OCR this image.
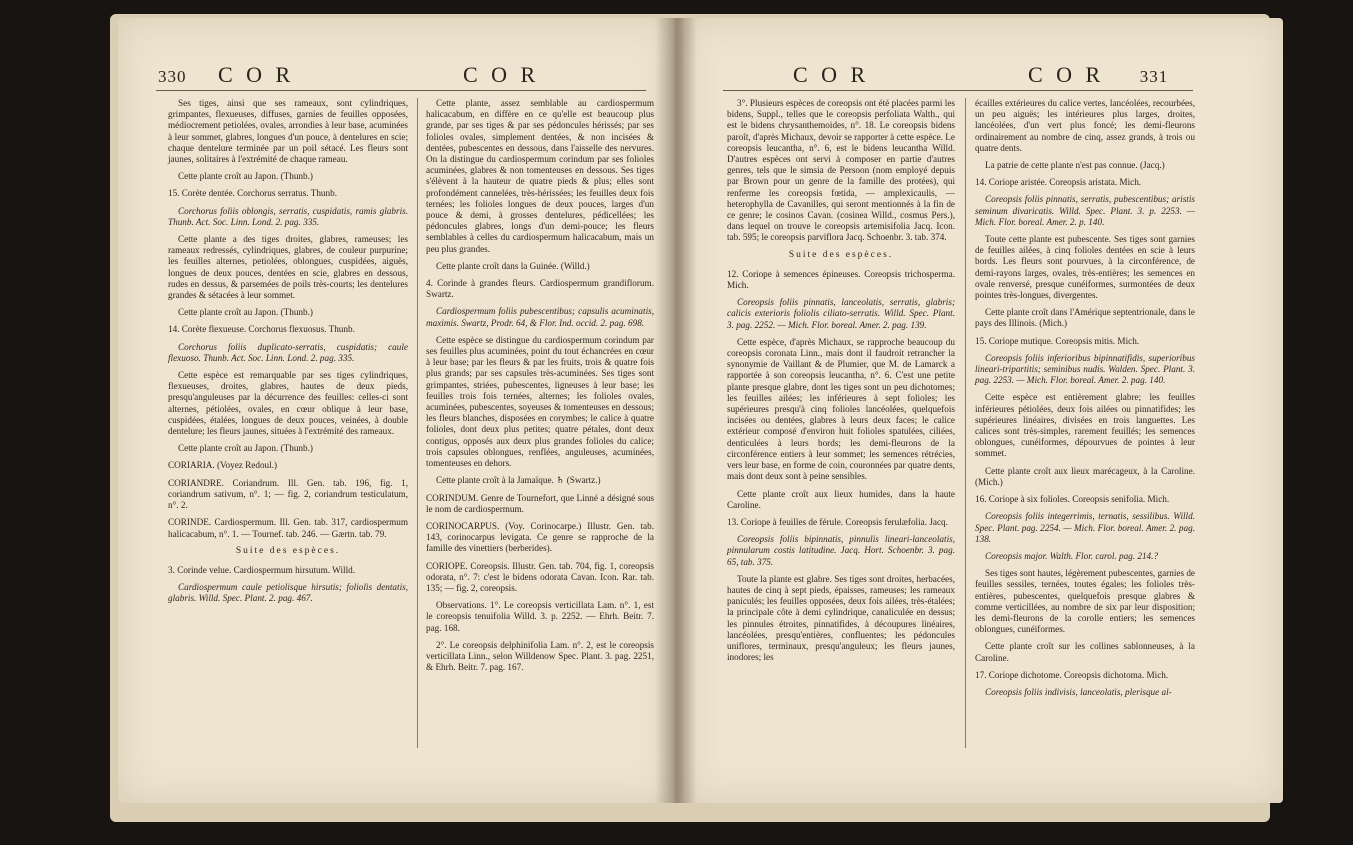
330 C O R	C O R

Ses tiges, ainsi que ses rameaux, sont cylindriques, grimpantes, flexueuses, diffuses, garnies de feuilles opposées, médiocrement petiolées, ovales, arrondies à leur base, acuminées à leur sommet, glabres, longues d'un pouce, à dentelures en scie; chaque dentelure terminée par un poil sétacé. Les fleurs sont jaunes, solitaires à l'extrémité de chaque rameau.

Cette plante croît au Japon. (Thunb.)

15. Corète dentée. Corchorus serratus. Thunb.

Corchorus foliis oblongis, serratis, cuspidatis, ramis glabris. Thunb. Act. Soc. Linn. Lond. 2. pag. 335.

Cette plante a des tiges droites, glabres, rameuses; les rameaux redressés, cylindriques, glabres, de couleur purpurine; les feuilles alternes, petiolées, oblongues, cuspidées, aiguës, longues de deux pouces, dentées en scie, glabres en dessous, rudes en dessus, & parsemées de poils très-courts; les dentelures grandes & sétacées à leur sommet.

Cette plante croît au Japon. (Thunb.)

14. Corète flexueuse. Corchorus flexuosus. Thunb.

Corchorus foliis duplicato-serratis, cuspidatis; caule flexuoso. Thunb. Act. Soc. Linn. Lond. 2. pag. 335.

Cette espèce est remarquable par ses tiges cylindriques, flexueuses, droites, glabres, hautes de deux pieds, presqu'anguleuses par la décurrence des feuilles: celles-ci sont alternes, pétiolées, ovales, en cœur oblique à leur base, cuspidées, étalées, longues de deux pouces, veinées, à double dentelure; les fleurs jaunes, situées à l'extrémité des rameaux.

Cette plante croît au Japon. (Thunb.)

CORIARIA. (Voyez Redoul.)

CORIANDRE. Coriandrum. Ill. Gen. tab. 196, fig. 1, coriandrum sativum, n°. 1; — fig. 2, coriandrum testiculatum, n°. 2.

CORINDE. Cardiospermum. Ill. Gen. tab. 317, cardiospermum halicacabum, n°. 1. — Tournef. tab. 246. — Gærtn. tab. 79.

Suite des espèces.

3. Corinde velue. Cardiospermum hirsutum. Willd.

Cardiospermum caule petiolisque hirsutis; foliolis dentatis, glabris. Willd. Spec. Plant. 2. pag. 467.

Cette plante, assez semblable au cardiospermum halicacabum, en diffère en ce qu'elle est beaucoup plus grande, par ses tiges & par ses pédoncules hérissés; par ses folioles ovales, simplement dentées, & non incisées & dentées, pubescentes en dessous, dans l'aisselle des nervures. On la distingue du cardiospermum corindum par ses folioles acuminées, glabres & non tomenteuses en dessous. Ses tiges s'élèvent à la hauteur de quatre pieds & plus; elles sont profondément cannelées, très-hérissées; les feuilles deux fois ternées; les folioles longues de deux pouces, larges d'un pouce & demi, à grosses dentelures, pédicellées; les pédoncules glabres, longs d'un demi-pouce; les fleurs semblables à celles du cardiospermum halicacabum, mais un peu plus grandes.

Cette plante croît dans la Guinée. (Willd.)

4. Corinde à grandes fleurs. Cardiospermum grandiflorum. Swartz.

Cardiospermum foliis pubescentibus; capsulis acuminatis, maximis. Swartz, Prodr. 64, & Flor. Ind. occid. 2. pag. 698.

Cette espèce se distingue du cardiospermum corindum par ses feuilles plus acuminées, point du tout échancrées en cœur à leur base; par les fleurs & par les fruits, trois & quatre fois plus grands; par ses capsules très-acuminées. Ses tiges sont grimpantes, striées, pubescentes, ligneuses à leur base; les feuilles trois fois ternées, alternes; les folioles ovales, acuminées, pubescentes, soyeuses & tomenteuses en dessous; les fleurs blanches, disposées en corymbes; le calice à quatre folioles, dont deux plus petites; quatre pétales, dont deux contigus, opposés aux deux plus grandes folioles du calice; trois capsules oblongues, renflées, anguleuses, acuminées, tomenteuses en dehors.

Cette plante croît à la Jamaïque. ♄ (Swartz.)

CORINDUM. Genre de Tournefort, que Linné a désigné sous le nom de cardiospermum.

CORINOCARPUS. (Voy. Corinocarpe.) Illustr. Gen. tab. 143, corinocarpus levigata. Ce genre se rapproche de la famille des vinettiers (berberides).

CORIOPE. Coreopsis. Illustr. Gen. tab. 704, fig. 1, coreopsis odorata, n°. 7: c'est le bidens odorata Cavan. Icon. Rar. tab. 135; — fig. 2, coreopsis.

Observations. 1°. Le coreopsis verticillata Lam. n°. 1, est le coreopsis tenuifolia Willd. 3. p. 2252. — Ehrh. Beitr. 7. pag. 168.

2°. Le coreopsis delphinifolia Lam. n°. 2, est le coreopsis verticillata Linn., selon Willdenow Spec. Plant. 3. pag. 2251, & Ehrh. Beitr. 7. pag. 167.

C O R	C O R 331

3°. Plusieurs espèces de coreopsis ont été placées parmi les bidens, Suppl., telles que le coreopsis perfoliata Walth., qui est le bidens chrysanthemoides, n°. 18. Le coreopsis bidens paroît, d'après Michaux, devoir se rapporter à cette espèce. Le coreopsis leucantha, n°. 6, est le bidens leucantha Willd. D'autres espèces ont servi à composer en partie d'autres genres, tels que le simsia de Persoon (nom employé depuis par Brown pour un genre de la famille des protées), qui renferme les coreopsis fœtida, — amplexicaulis, — heterophylla de Cavanilles, qui seront mentionnés à la fin de ce genre; le cosinos Cavan. (cosinea Willd., cosmus Pers.), dans lequel on trouve le coreopsis artemisifolia Jacq. Icon. tab. 595; le coreopsis parviflora Jacq. Schoenbr. 3. tab. 374.

Suite des espèces.

12. Coriope à semences épineuses. Coreopsis trichosperma. Mich.

Coreopsis foliis pinnatis, lanceolatis, serratis, glabris; calicis exterioris foliolis ciliato-serratis. Willd. Spec. Plant. 3. pag. 2252. — Mich. Flor. boreal. Amer. 2. pag. 139.

Cette espèce, d'après Michaux, se rapproche beaucoup du coreopsis coronata Linn., mais dont il faudroit retrancher la synonymie de Vaillant & de Plumier, que M. de Lamarck a rapportée à son coreopsis leucantha, n°. 6. C'est une petite plante presque glabre, dont les tiges sont un peu dichotomes; les feuilles ailées; les inférieures à sept folioles; les supérieures presqu'à cinq folioles lancéolées, quelquefois incisées ou dentées, glabres à leurs deux faces; le calice extérieur composé d'environ huit folioles spatulées, ciliées, denticulées à leurs bords; les demi-fleurons de la circonférence entiers à leur sommet; les semences rétrécies, vers leur base, en forme de coin, couronnées par quatre dents, mais dont deux sont à peine sensibles.

Cette plante croît aux lieux humides, dans la haute Caroline.

13. Coriope à feuilles de férule. Coreopsis ferulæfolia. Jacq.

Coreopsis foliis bipinnatis, pinnulis lineari-lanceolatis, pinnularum costis latitudine. Jacq. Hort. Schoenbr. 3. pag. 65, tab. 375.

Toute la plante est glabre. Ses tiges sont droites, herbacées, hautes de cinq à sept pieds, épaisses, rameuses; les rameaux paniculés; les feuilles opposées, deux fois ailées, très-étalées; la principale côte à demi cylindrique, canaliculée en dessus; les pinnules étroites, pinnatifides, à découpures linéaires, lancéolées, presqu'entières, confluentes; les pédoncules uniflores, terminaux, presqu'anguleux; les fleurs jaunes, inodores; les

écailles extérieures du calice vertes, lancéolées, recourbées, un peu aiguës; les intérieures plus larges, droites, lancéolées, d'un vert plus foncé; les demi-fleurons ordinairement au nombre de cinq, assez grands, à trois ou quatre dents.

La patrie de cette plante n'est pas connue. (Jacq.)

14. Coriope aristée. Coreopsis aristata. Mich.

Coreopsis foliis pinnatis, serratis, pubescentibus; aristis seminum divaricatis. Willd. Spec. Plant. 3. p. 2253. — Mich. Flor. boreal. Amer. 2. p. 140.

Toute cette plante est pubescente. Ses tiges sont garnies de feuilles ailées, à cinq folioles dentées en scie à leurs bords. Les fleurs sont pourvues, à la circonférence, de demi-rayons larges, ovales, très-entières; les semences en ovale renversé, presque cunéiformes, surmontées de deux pointes très-longues, divergentes.

Cette plante croît dans l'Amérique septentrionale, dans le pays des Illinois. (Mich.)

15. Coriope mutique. Coreopsis mitis. Mich.

Coreopsis foliis inferioribus bipinnatifidis, superioribus lineari-tripartitis; seminibus nudis. Walden. Spec. Plant. 3. pag. 2253. — Mich. Flor. boreal. Amer. 2. pag. 140.

Cette espèce est entièrement glabre; les feuilles inférieures pétiolées, deux fois ailées ou pinnatifides; les supérieures linéaires, divisées en trois languettes. Les calices sont très-simples, rarement feuillés; les semences oblongues, cunéiformes, dépourvues de pointes à leur sommet.

Cette plante croît aux lieux marécageux, à la Caroline. (Mich.)

16. Coriope à six folioles. Coreopsis senifolia. Mich.

Coreopsis foliis integerrimis, ternatis, sessilibus. Willd. Spec. Plant. pag. 2254. — Mich. Flor. boreal. Amer. 2. pag. 138.

Coreopsis major. Walth. Flor. carol. pag. 214.?

Ses tiges sont hautes, légèrement pubescentes, garnies de feuilles sessiles, ternées, toutes égales; les folioles très-entières, pubescentes, quelquefois presque glabres & comme verticillées, au nombre de six par leur disposition; les demi-fleurons de la corolle entiers; les semences oblongues, cunéiformes.

Cette plante croît sur les collines sablonneuses, à la Caroline.

17. Coriope dichotome. Coreopsis dichotoma. Mich.

Coreopsis foliis indivisis, lanceolatis, plerisque al-
